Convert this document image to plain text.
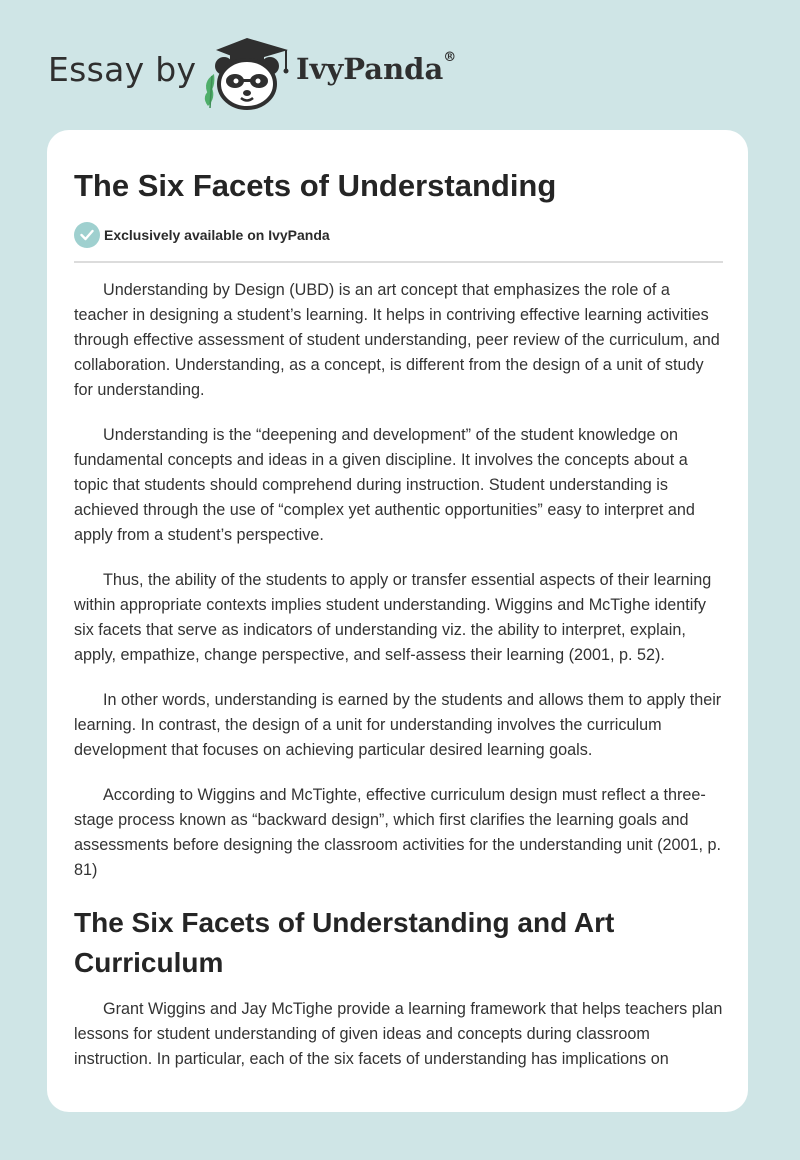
Essay by	IvyPanda®
The Six Facets of Understanding
Exclusively available on IvyPanda

Understanding by Design (UBD) is an art concept that emphasizes the role of a teacher in designing a student’s learning. It helps in contriving effective learning activities through effective assessment of student understanding, peer review of the curriculum, and collaboration. Understanding, as a concept, is different from the design of a unit of study for understanding.

Understanding is the “deepening and development” of the student knowledge on fundamental concepts and ideas in a given discipline. It involves the concepts about a topic that students should comprehend during instruction. Student understanding is achieved through the use of “complex yet authentic opportunities” easy to interpret and apply from a student’s perspective.

Thus, the ability of the students to apply or transfer essential aspects of their learning within appropriate contexts implies student understanding. Wiggins and McTighe identify six facets that serve as indicators of understanding viz. the ability to interpret, explain, apply, empathize, change perspective, and self-assess their learning (2001, p. 52).

In other words, understanding is earned by the students and allows them to apply their learning. In contrast, the design of a unit for understanding involves the curriculum development that focuses on achieving particular desired learning goals.

According to Wiggins and McTighte, effective curriculum design must reflect a three-stage process known as “backward design”, which first clarifies the learning goals and assessments before designing the classroom activities for the understanding unit (2001, p. 81)

The Six Facets of Understanding and Art Curriculum

Grant Wiggins and Jay McTighe provide a learning framework that helps teachers plan lessons for student understanding of given ideas and concepts during classroom instruction. In particular, each of the six facets of understanding has implications on
